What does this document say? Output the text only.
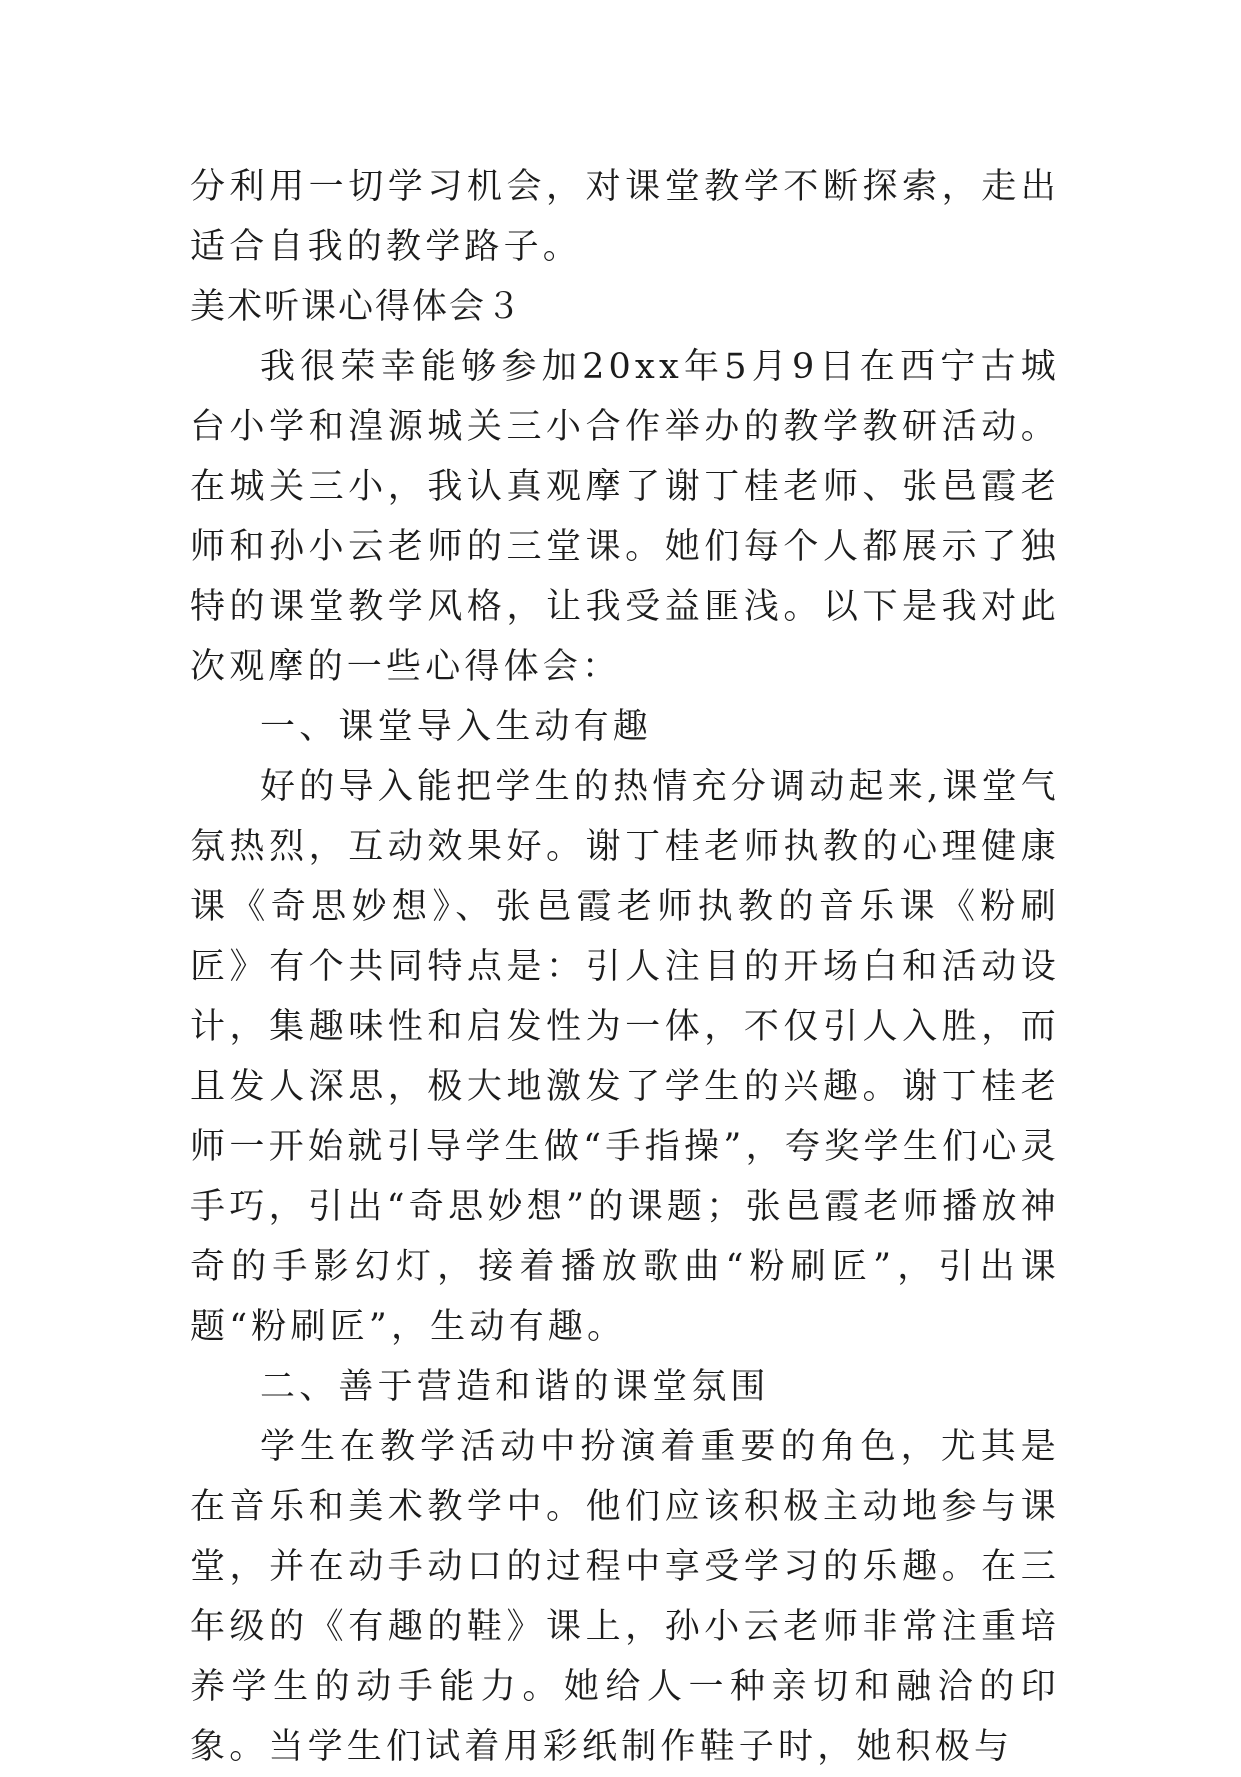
分利用一切学习机会，对课堂教学不断探索，走出适合自我的教学路子。

美术听课心得体会３

我很荣幸能够参加20xx年5月9日在西宁古城台小学和湟源城关三小合作举办的教学教研活动。在城关三小，我认真观摩了谢丁桂老师、张邑霞老师和孙小云老师的三堂课。她们每个人都展示了独特的课堂教学风格，让我受益匪浅。以下是我对此次观摩的一些心得体会：

一、课堂导入生动有趣

好的导入能把学生的热情充分调动起来,课堂气氛热烈，互动效果好。谢丁桂老师执教的心理健康课《奇思妙想》、张邑霞老师执教的音乐课《粉刷匠》有个共同特点是：引人注目的开场白和活动设计，集趣味性和启发性为一体，不仅引人入胜，而且发人深思，极大地激发了学生的兴趣。谢丁桂老师一开始就引导学生做“手指操”，夸奖学生们心灵手巧，引出“奇思妙想”的课题；张邑霞老师播放神奇的手影幻灯，接着播放歌曲“粉刷匠”，引出课题“粉刷匠”，生动有趣。

二、善于营造和谐的课堂氛围

学生在教学活动中扮演着重要的角色，尤其是在音乐和美术教学中。他们应该积极主动地参与课堂，并在动手动口的过程中享受学习的乐趣。在三年级的《有趣的鞋》课上，孙小云老师非常注重培养学生的动手能力。她给人一种亲切和融洽的印象。当学生们试着用彩纸制作鞋子时，她积极与
